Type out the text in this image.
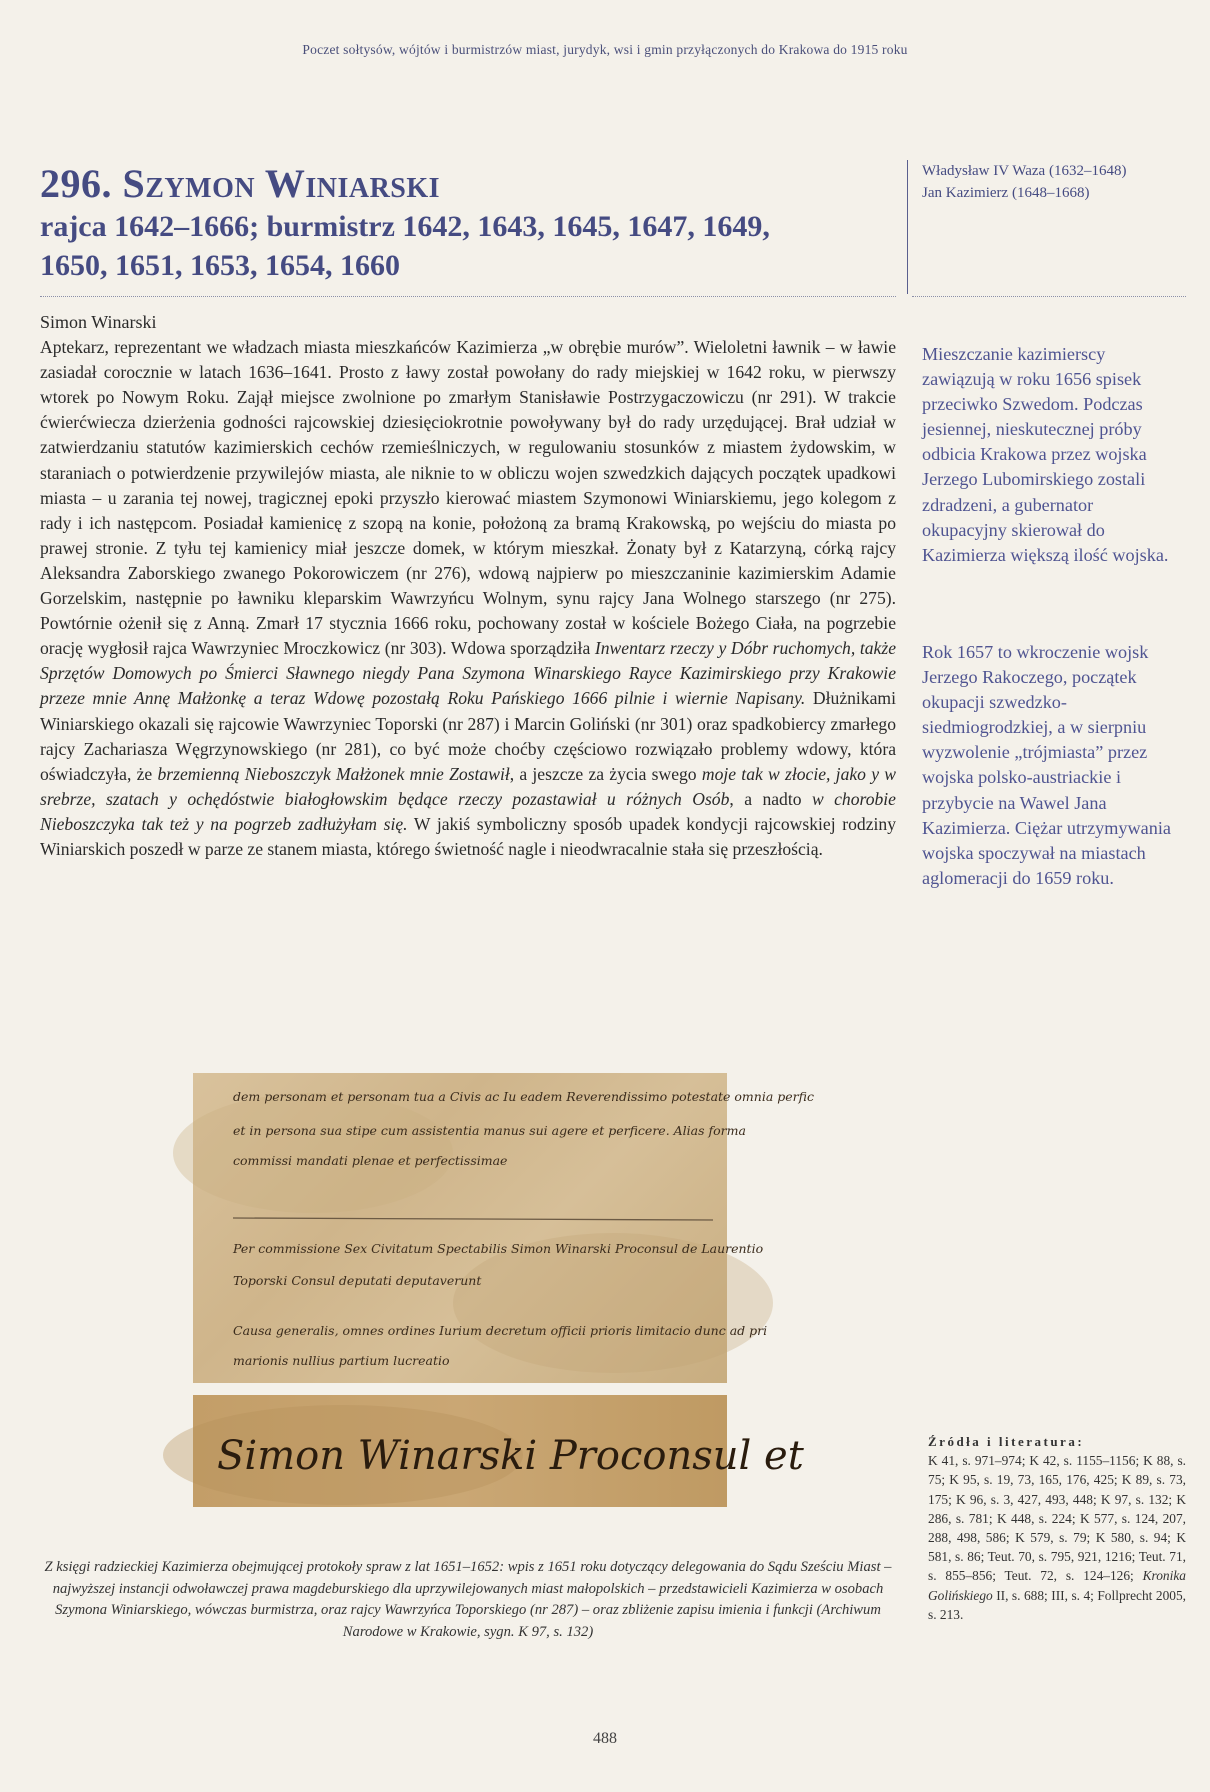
Poczet sołtysów, wójtów i burmistrzów miast, jurydyk, wsi i gmin przyłączonych do Krakowa do 1915 roku
296. Szymon Winiarski
rajca 1642–1666; burmistrz 1642, 1643, 1645, 1647, 1649,
1650, 1651, 1653, 1654, 1660
Władysław IV Waza (1632–1648)
Jan Kazimierz (1648–1668)
Simon Winarski

Aptekarz, reprezentant we władzach miasta mieszkańców Kazimierza „w obrębie murów”. Wieloletni ławnik – w ławie zasiadał corocznie w latach 1636–1641. Prosto z ławy został powołany do rady miejskiej w 1642 roku, w pierwszy wtorek po Nowym Roku. Zajął miejsce zwolnione po zmarłym Stanisławie Postrzygaczowiczu (nr 291). W trakcie ćwierćwiecza dzierżenia godności rajcowskiej dziesięciokrotnie powoływany był do rady urzędującej. Brał udział w zatwierdzaniu statutów kazimierskich cechów rzemieślniczych, w regulowaniu stosunków z miastem żydowskim, w staraniach o potwierdzenie przywilejów miasta, ale niknie to w obliczu wojen szwedzkich dających początek upadkowi miasta – u zarania tej nowej, tragicznej epoki przyszło kierować miastem Szymonowi Winiarskiemu, jego kolegom z rady i ich następcom. Posiadał kamienicę z szopą na konie, położoną za bramą Krakowską, po wejściu do miasta po prawej stronie. Z tyłu tej kamienicy miał jeszcze domek, w którym mieszkał. Żonaty był z Katarzyną, córką rajcy Aleksandra Zaborskiego zwanego Pokorowiczem (nr 276), wdową najpierw po mieszczaninie kazimierskim Adamie Gorzelskim, następnie po ławniku kleparskim Wawrzyńcu Wolnym, synu rajcy Jana Wolnego starszego (nr 275). Powtórnie ożenił się z Anną. Zmarł 17 stycznia 1666 roku, pochowany został w kościele Bożego Ciała, na pogrzebie orację wygłosił rajca Wawrzyniec Mroczkowicz (nr 303). Wdowa sporządziła Inwentarz rzeczy y Dóbr ruchomych, także Sprzętów Domowych po Śmierci Sławnego niegdy Pana Szymona Winarskiego Rayce Kazimirskiego przy Krakowie przeze mnie Annę Małżonkę a teraz Wdowę pozostałą Roku Pańskiego 1666 pilnie i wiernie Napisany. Dłużnikami Winiarskiego okazali się rajcowie Wawrzyniec Toporski (nr 287) i Marcin Goliński (nr 301) oraz spadkobiercy zmarłego rajcy Zachariasza Węgrzynowskiego (nr 281), co być może choćby częściowo rozwiązało problemy wdowy, która oświadczyła, że brzemienną Nieboszczyk Małżonek mnie Zostawił, a jeszcze za życia swego moje tak w złocie, jako y w srebrze, szatach y ochędóstwie białogłowskim będące rzeczy pozastawiał u różnych Osób, a nadto w chorobie Nieboszczyka tak też y na pogrzeb zadłużyłam się. W jakiś symboliczny sposób upadek kondycji rajcowskiej rodziny Winiarskich poszedł w parze ze stanem miasta, którego świetność nagle i nieodwracalnie stała się przeszłością.

Mieszczanie kazimierscy zawiązują w roku 1656 spisek przeciwko Szwedom. Podczas jesiennej, nieskutecznej próby odbicia Krakowa przez wojska Jerzego Lubomirskiego zostali zdradzeni, a gubernator okupacyjny skierował do Kazimierza większą ilość wojska.

Rok 1657 to wkroczenie wojsk Jerzego Rakoczego, początek okupacji szwedzko-siedmiogrodzkiej, a w sierpniu wyzwolenie „trójmiasta” przez wojska polsko-austriackie i przybycie na Wawel Jana Kazimierza. Ciężar utrzymywania wojska spoczywał na miastach aglomeracji do 1659 roku.

dem personam et personam tua a Civis ac Iu eadem Reverendissimo potestate omnia perfic
et in persona sua stipe cum assistentia manus sui agere et perficere. Alias forma
commissi mandati plenae et perfectissimae
Per commissione Sex Civitatum Spectabilis Simon Winarski Proconsul de Laurentio
Toporski Consul deputati deputaverunt
Causa generalis, omnes ordines Iurium decretum officii prioris limitacio dunc ad pri
marionis nullius partium lucreatio
Simon Winarski Proconsul et
Z księgi radzieckiej Kazimierza obejmującej protokoły spraw z lat 1651–1652: wpis z 1651 roku dotyczący delegowania do Sądu Sześciu Miast – najwyższej instancji odwoławczej prawa magdeburskiego dla uprzywilejowanych miast małopolskich – przedstawicieli Kazimierza w osobach Szymona Winiarskiego, wówczas burmistrza, oraz rajcy Wawrzyńca Toporskiego (nr 287) – oraz zbliżenie zapisu imienia i funkcji (Archiwum Narodowe w Krakowie, sygn. K 97, s. 132)
Źródła i literatura:
K 41, s. 971–974; K 42, s. 1155–1156; K 88, s. 75; K 95, s. 19, 73, 165, 176, 425; K 89, s. 73, 175; K 96, s. 3, 427, 493, 448; K 97, s. 132; K 286, s. 781; K 448, s. 224; K 577, s. 124, 207, 288, 498, 586; K 579, s. 79; K 580, s. 94; K 581, s. 86; Teut. 70, s. 795, 921, 1216; Teut. 71, s. 855–856; Teut. 72, s. 124–126; Kronika Golińskiego II, s. 688; III, s. 4; Follprecht 2005, s. 213.
488
